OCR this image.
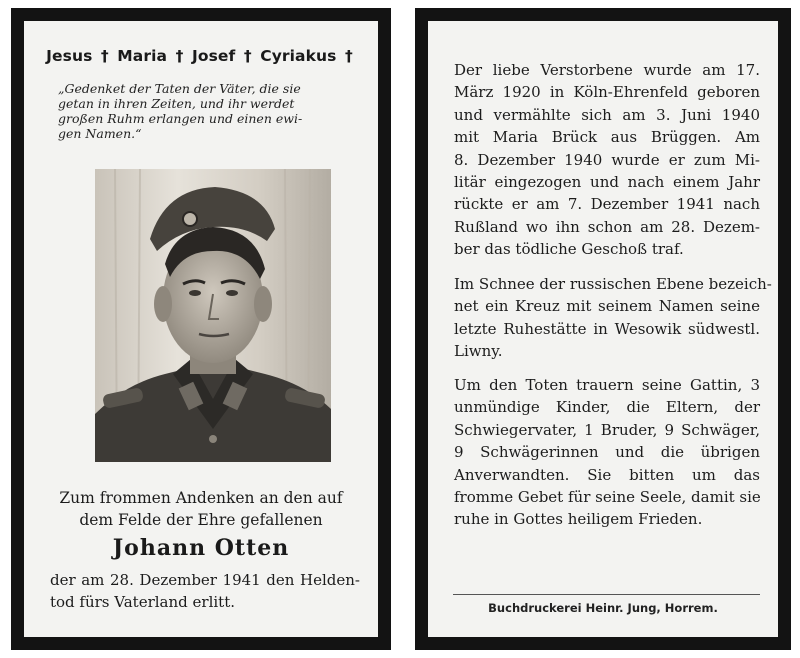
Jesus † Maria † Josef † Cyriakus †
„Gedenket der Taten der Väter, die sie
getan in ihren Zeiten, und ihr werdet
großen Ruhm erlangen und einen ewi-
gen Namen.“
Zum frommen Andenken an den auf
dem Felde der Ehre gefallenen
Johann Otten
der am 28. Dezember 1941 den Helden-
tod fürs Vaterland erlitt.
Der liebe Verstorbene wurde am 17.
März 1920 in Köln-Ehrenfeld geboren
und vermählte sich am 3. Juni 1940
mit Maria Brück aus Brüggen. Am
8. Dezember 1940 wurde er zum Mi-
litär eingezogen und nach einem Jahr
rückte er am 7. Dezember 1941 nach
Rußland wo ihn schon am 28. Dezem-
ber das tödliche Geschoß traf.
Im Schnee der russischen Ebene bezeich-
net ein Kreuz mit seinem Namen seine
letzte Ruhestätte in Wesowik südwestl.
Liwny.
Um den Toten trauern seine Gattin, 3
unmündige Kinder, die Eltern, der
Schwiegervater, 1 Bruder, 9 Schwäger,
9 Schwägerinnen und die übrigen
Anverwandten. Sie bitten um das
fromme Gebet für seine Seele, damit sie
ruhe in Gottes heiligem Frieden.
Buchdruckerei Heinr. Jung, Horrem.
